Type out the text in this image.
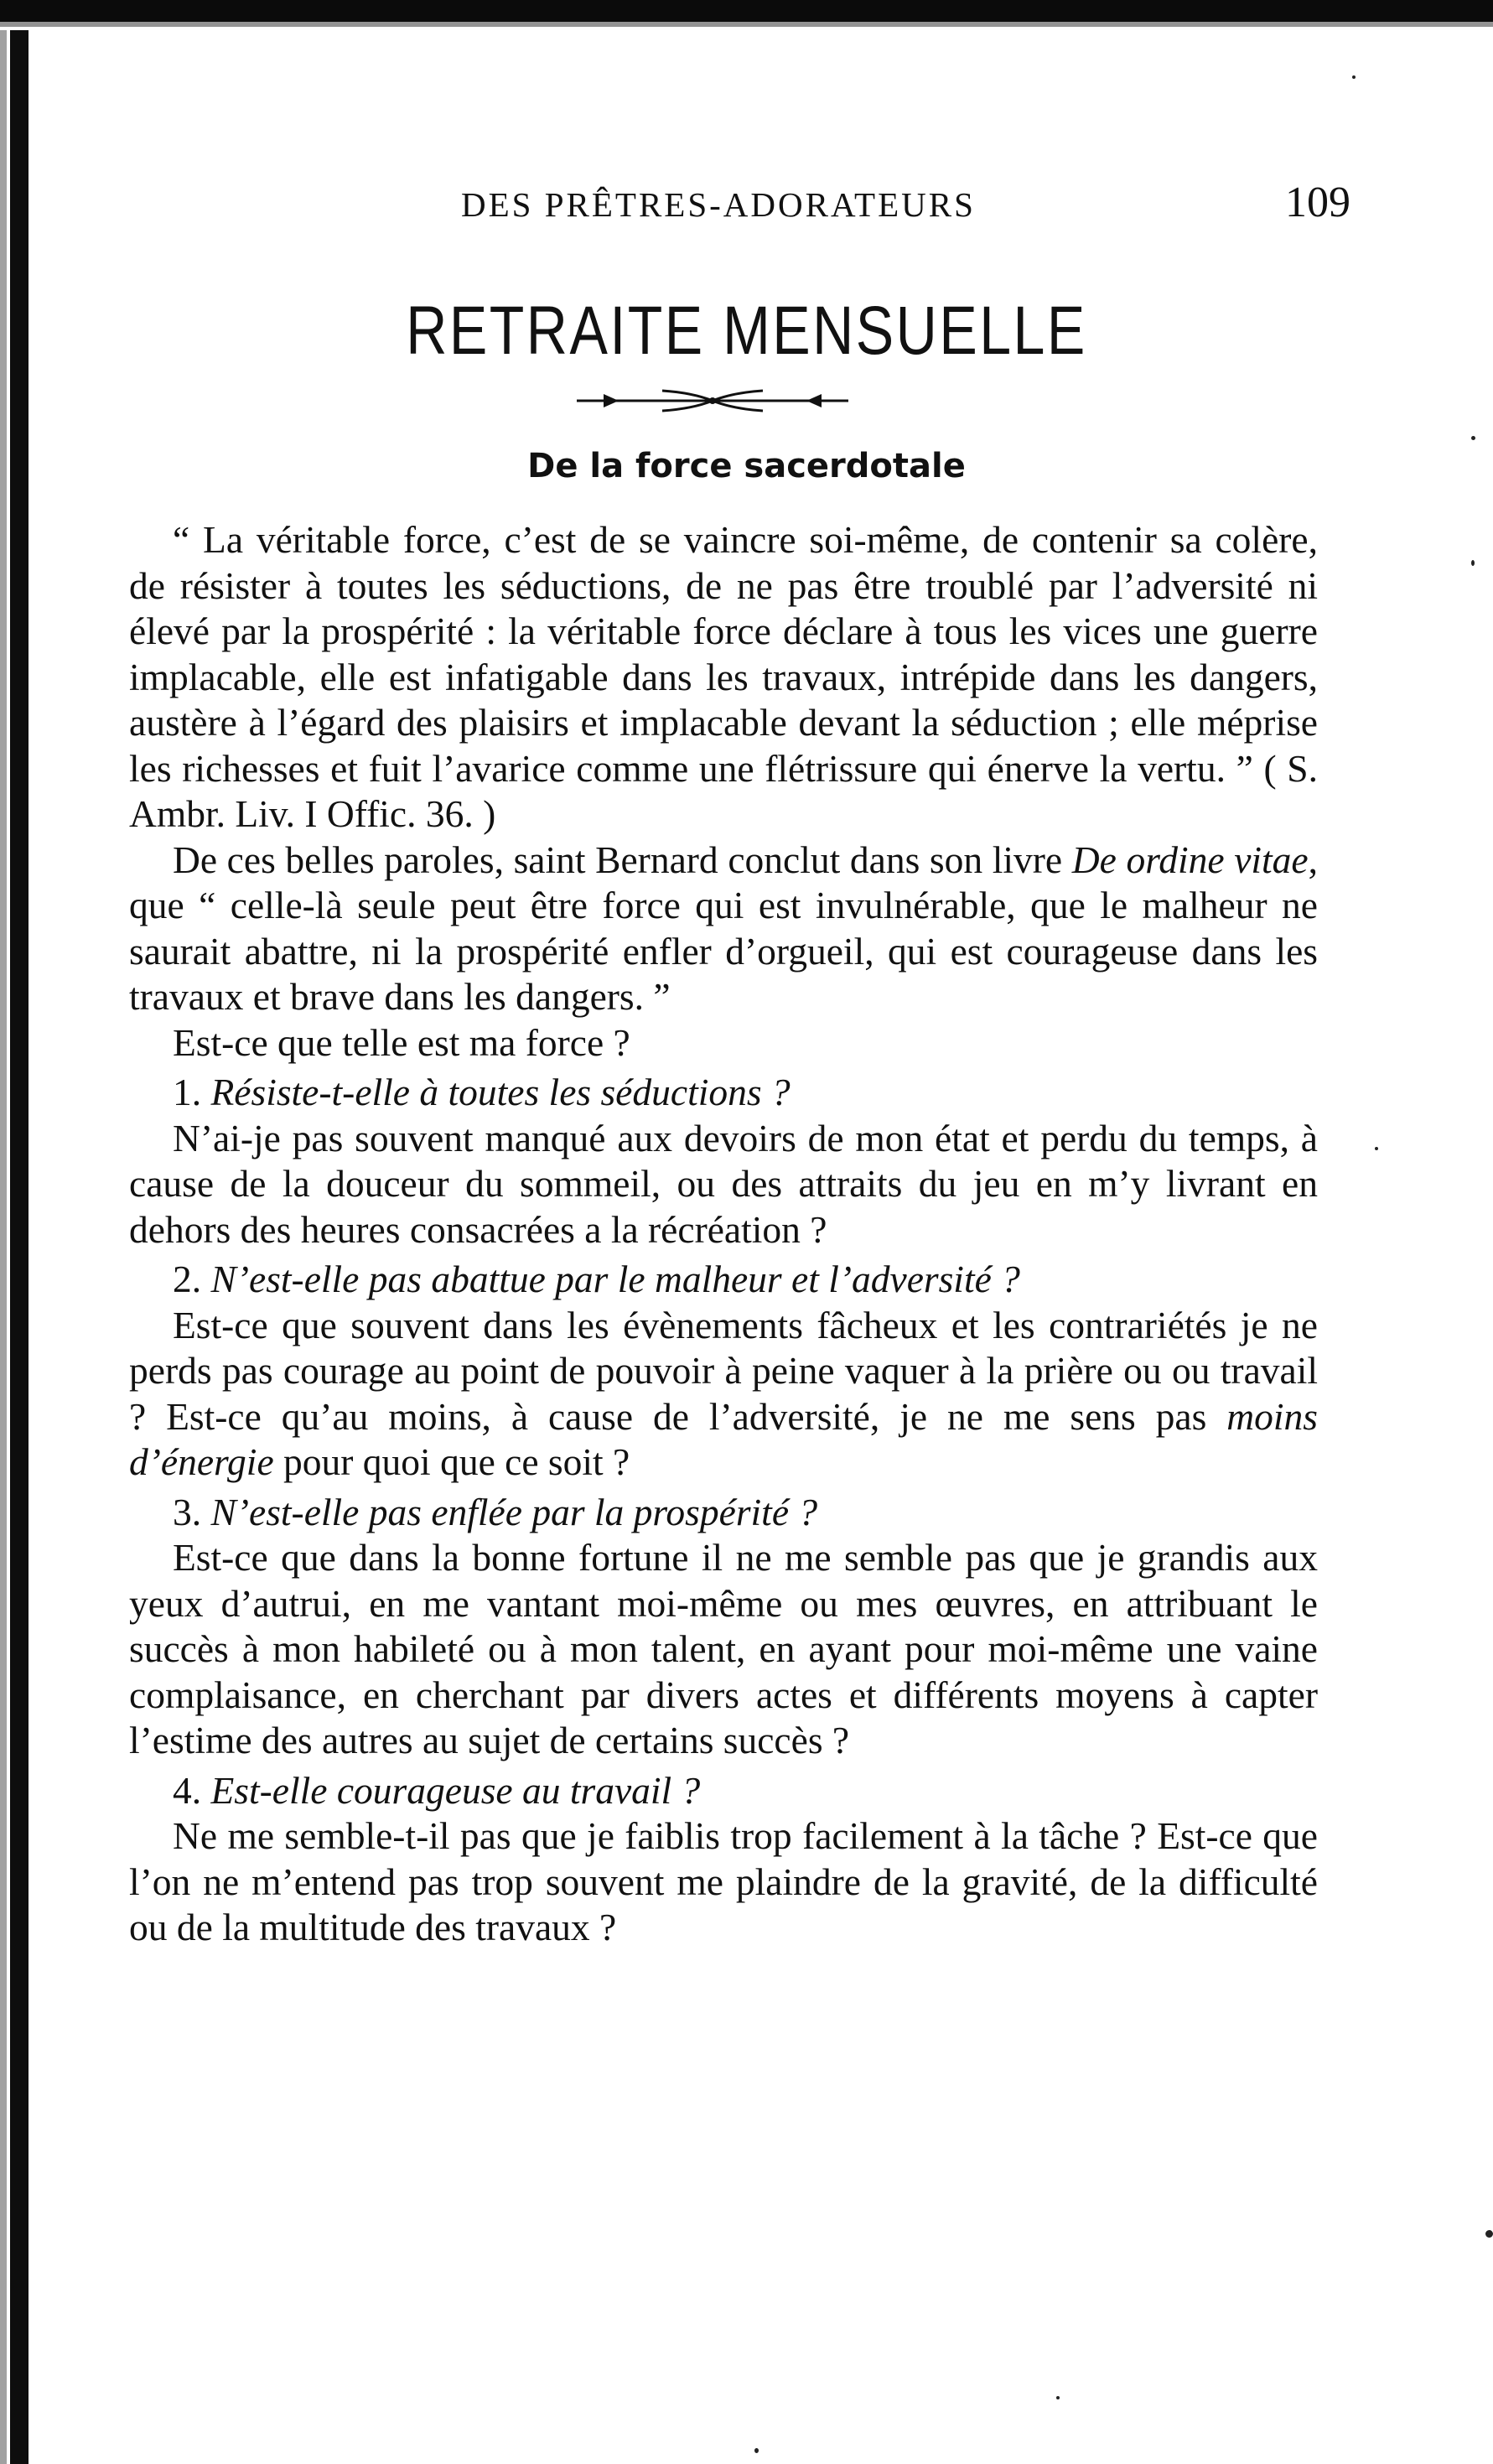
DES PRÊTRES-ADORATEURS	109
RETRAITE MENSUELLE
De la force sacerdotale

“ La véritable force, c’est de se vaincre soi-même, de contenir sa colère, de résister à toutes les séductions, de ne pas être troublé par l’adversité ni élevé par la prospérité : la véritable force déclare à tous les vices une guerre implacable, elle est infatigable dans les travaux, intrépide dans les dangers, austère à l’égard des plaisirs et implacable devant la séduction ; elle méprise les richesses et fuit l’avarice comme une flétrissure qui énerve la vertu. ” ( S. Ambr. Liv. I Offic. 36. )

De ces belles paroles, saint Bernard conclut dans son livre De ordine vitae, que “ celle-là seule peut être force qui est invulnérable, que le malheur ne saurait abattre, ni la prospérité enfler d’orgueil, qui est courageuse dans les travaux et brave dans les dangers. ”

Est-ce que telle est ma force ?

1. Résiste-t-elle à toutes les séductions ?

N’ai-je pas souvent manqué aux devoirs de mon état et perdu du temps, à cause de la douceur du sommeil, ou des attraits du jeu en m’y livrant en dehors des heures consacrées a la récréation ?

2. N’est-elle pas abattue par le malheur et l’adversité ?

Est-ce que souvent dans les évènements fâcheux et les contrariétés je ne perds pas courage au point de pouvoir à peine vaquer à la prière ou ou travail ? Est-ce qu’au moins, à cause de l’adversité, je ne me sens pas moins d’énergie pour quoi que ce soit ?

3. N’est-elle pas enflée par la prospérité ?

Est-ce que dans la bonne fortune il ne me semble pas que je grandis aux yeux d’autrui, en me vantant moi-même ou mes œuvres, en attribuant le succès à mon habileté ou à mon talent, en ayant pour moi-même une vaine complaisance, en cherchant par divers actes et différents moyens à capter l’estime des autres au sujet de certains succès ?

4. Est-elle courageuse au travail ?

Ne me semble-t-il pas que je faiblis trop facilement à la tâche ? Est-ce que l’on ne m’entend pas trop souvent me plaindre de la gravité, de la difficulté ou de la multitude des travaux ?
